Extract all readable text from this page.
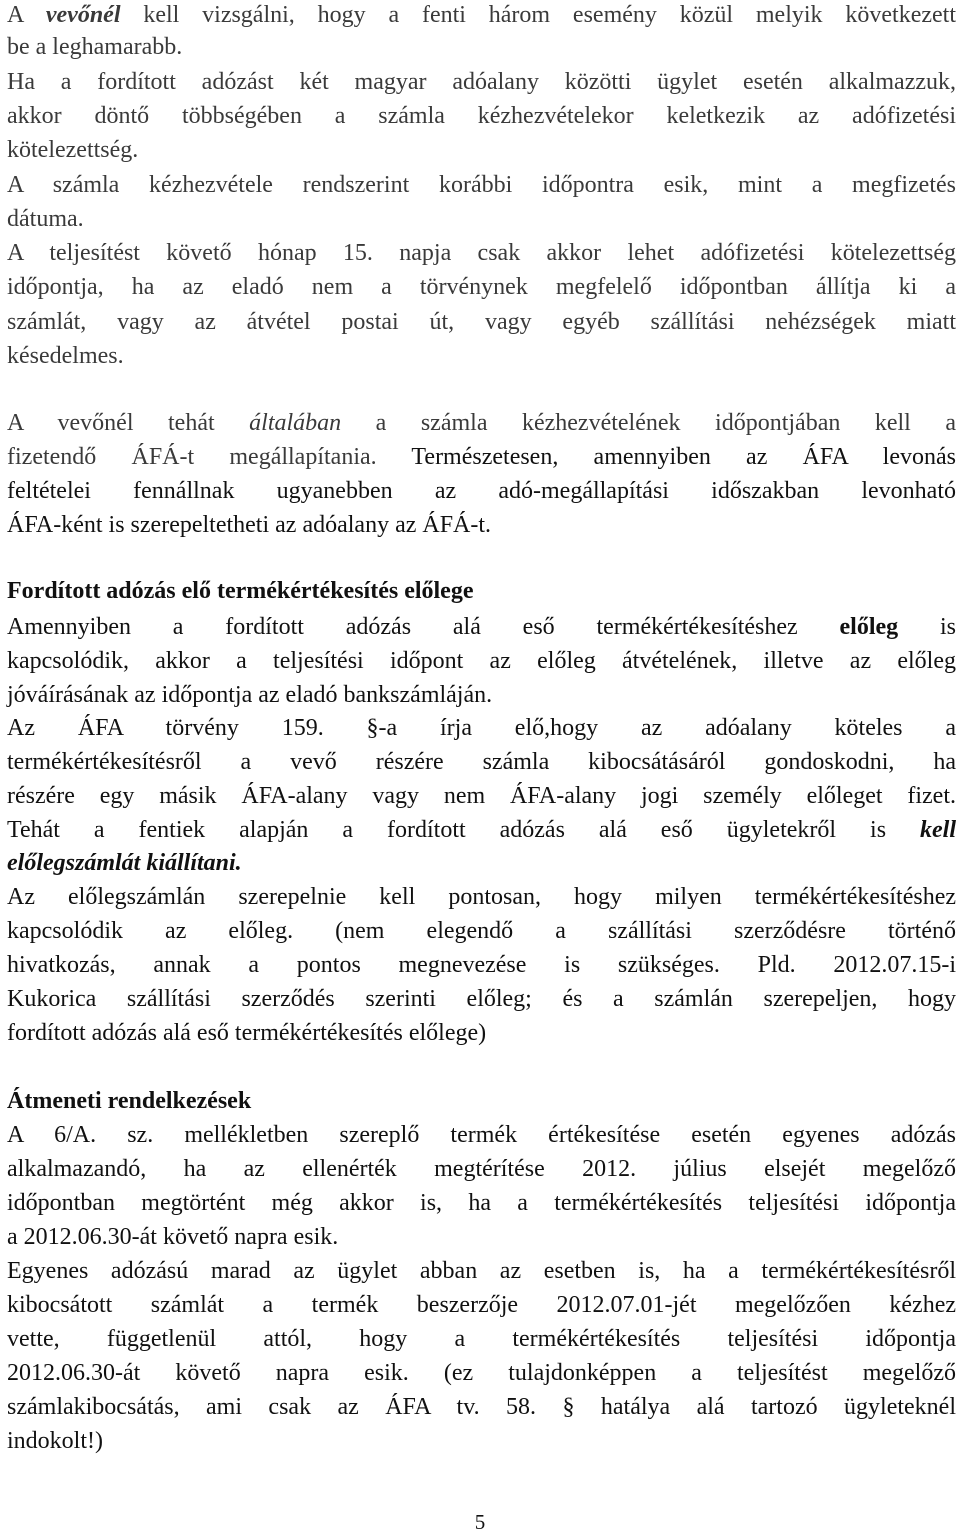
A vevőnél kell vizsgálni, hogy a fenti három esemény közül melyik következett
be a leghamarabb.
Ha a fordított adózást két magyar adóalany közötti ügylet esetén alkalmazzuk,
akkor döntő többségében a számla kézhezvételekor keletkezik az adófizetési
kötelezettség.
A számla kézhezvétele rendszerint korábbi időpontra esik, mint a megfizetés
dátuma.
A teljesítést követő hónap 15. napja csak akkor lehet adófizetési kötelezettség
időpontja, ha az eladó nem a törvénynek megfelelő időpontban állítja ki a
számlát, vagy az átvétel postai út, vagy egyéb szállítási nehézségek miatt
késedelmes.
A vevőnél tehát általában a számla kézhezvételének időpontjában kell a
fizetendő ÁFÁ-t megállapítania. Természetesen, amennyiben az ÁFA levonás
feltételei fennállnak ugyanebben az adó-megállapítási időszakban levonható
ÁFA-ként is szerepeltetheti az adóalany az ÁFÁ-t.
Fordított adózás elő termékértékesítés előlege
Amennyiben a fordított adózás alá eső termékértékesítéshez előleg is
kapcsolódik, akkor a teljesítési időpont az előleg átvételének, illetve az előleg
jóváírásának az időpontja az eladó bankszámláján.
Az ÁFA törvény 159. §-a írja elő,hogy az adóalany köteles a
termékértékesítésről a vevő részére számla kibocsátásáról gondoskodni, ha
részére egy másik ÁFA-alany vagy nem ÁFA-alany jogi személy előleget fizet.
Tehát a fentiek alapján a fordított adózás alá eső ügyletekről is kell
előlegszámlát kiállítani.
Az előlegszámlán szerepelnie kell pontosan, hogy milyen termékértékesítéshez
kapcsolódik az előleg. (nem elegendő a szállítási szerződésre történő
hivatkozás, annak a pontos megnevezése is szükséges. Pld. 2012.07.15-i
Kukorica szállítási szerződés szerinti előleg; és a számlán szerepeljen, hogy
fordított adózás alá eső termékértékesítés előlege)
Átmeneti rendelkezések
A 6/A. sz. mellékletben szereplő termék értékesítése esetén egyenes adózás
alkalmazandó, ha az ellenérték megtérítése 2012. július elsejét megelőző
időpontban megtörtént még akkor is, ha a termékértékesítés teljesítési időpontja
a 2012.06.30-át követő napra esik.
Egyenes adózású marad az ügylet abban az esetben is, ha a termékértékesítésről
kibocsátott számlát a termék beszerzője 2012.07.01-jét megelőzően kézhez
vette, függetlenül attól, hogy a termékértékesítés teljesítési időpontja
2012.06.30-át követő napra esik. (ez tulajdonképpen a teljesítést megelőző
számlakibocsátás, ami csak az ÁFA tv. 58. § hatálya alá tartozó ügyleteknél
indokolt!)
5
